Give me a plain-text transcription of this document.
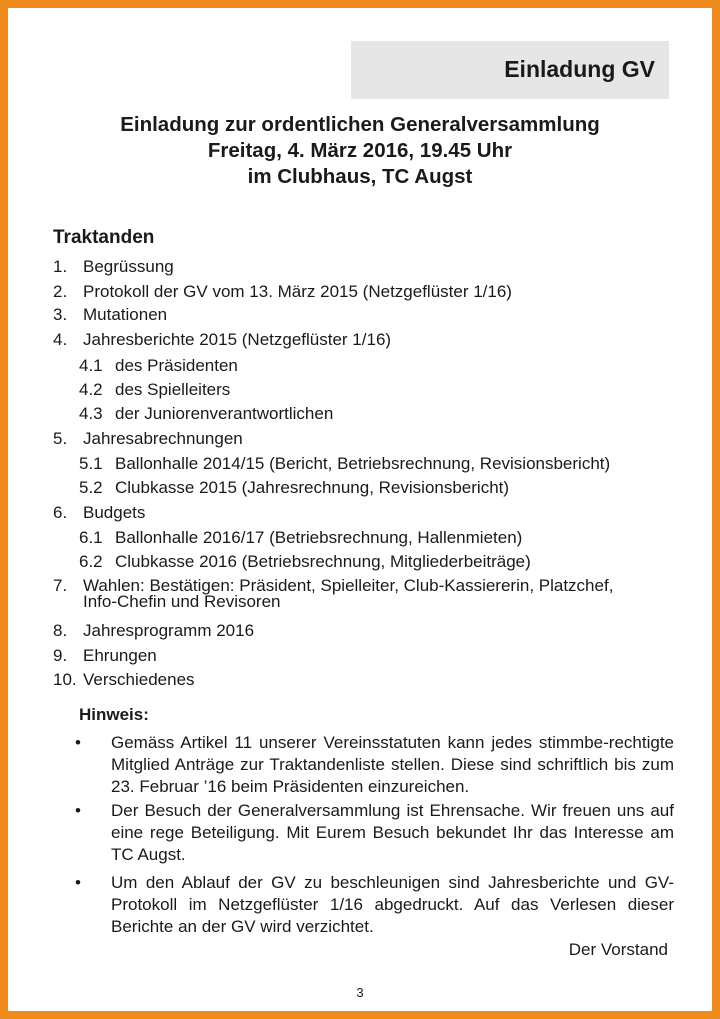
Einladung GV
Einladung zur ordentlichen Generalversammlung
Freitag, 4. März 2016, 19.45 Uhr
im Clubhaus, TC Augst
Traktanden
1. Begrüssung
2. Protokoll der GV vom 13. März 2015 (Netzgeflüster 1/16)
3. Mutationen
4. Jahresberichte 2015 (Netzgeflüster 1/16)
4.1 des Präsidenten
4.2 des Spielleiters
4.3 der Juniorenverantwortlichen
5. Jahresabrechnungen
5.1 Ballonhalle 2014/15 (Bericht, Betriebsrechnung, Revisionsbericht)
5.2 Clubkasse 2015 (Jahresrechnung, Revisionsbericht)
6. Budgets
6.1 Ballonhalle 2016/17 (Betriebsrechnung, Hallenmieten)
6.2 Clubkasse 2016 (Betriebsrechnung, Mitgliederbeiträge)
7. Wahlen: Bestätigen: Präsident, Spielleiter, Club-Kassiererin, Platzchef,
Info-Chefin und Revisoren
8. Jahresprogramm 2016
9. Ehrungen
10. Verschiedenes
Hinweis:
• Gemäss Artikel 11 unserer Vereinsstatuten kann jedes stimmbe-rechtigte Mitglied Anträge zur Traktandenliste stellen. Diese sind schriftlich bis zum 23. Februar ’16 beim Präsidenten einzureichen.
• Der Besuch der Generalversammlung ist Ehrensache. Wir freuen uns auf eine rege Beteiligung. Mit Eurem Besuch bekundet Ihr das Interesse am TC Augst.
• Um den Ablauf der GV zu beschleunigen sind Jahresberichte und GV-Protokoll im Netzgeflüster 1/16 abgedruckt. Auf das Verlesen dieser Berichte an der GV wird verzichtet.
Der Vorstand
3
